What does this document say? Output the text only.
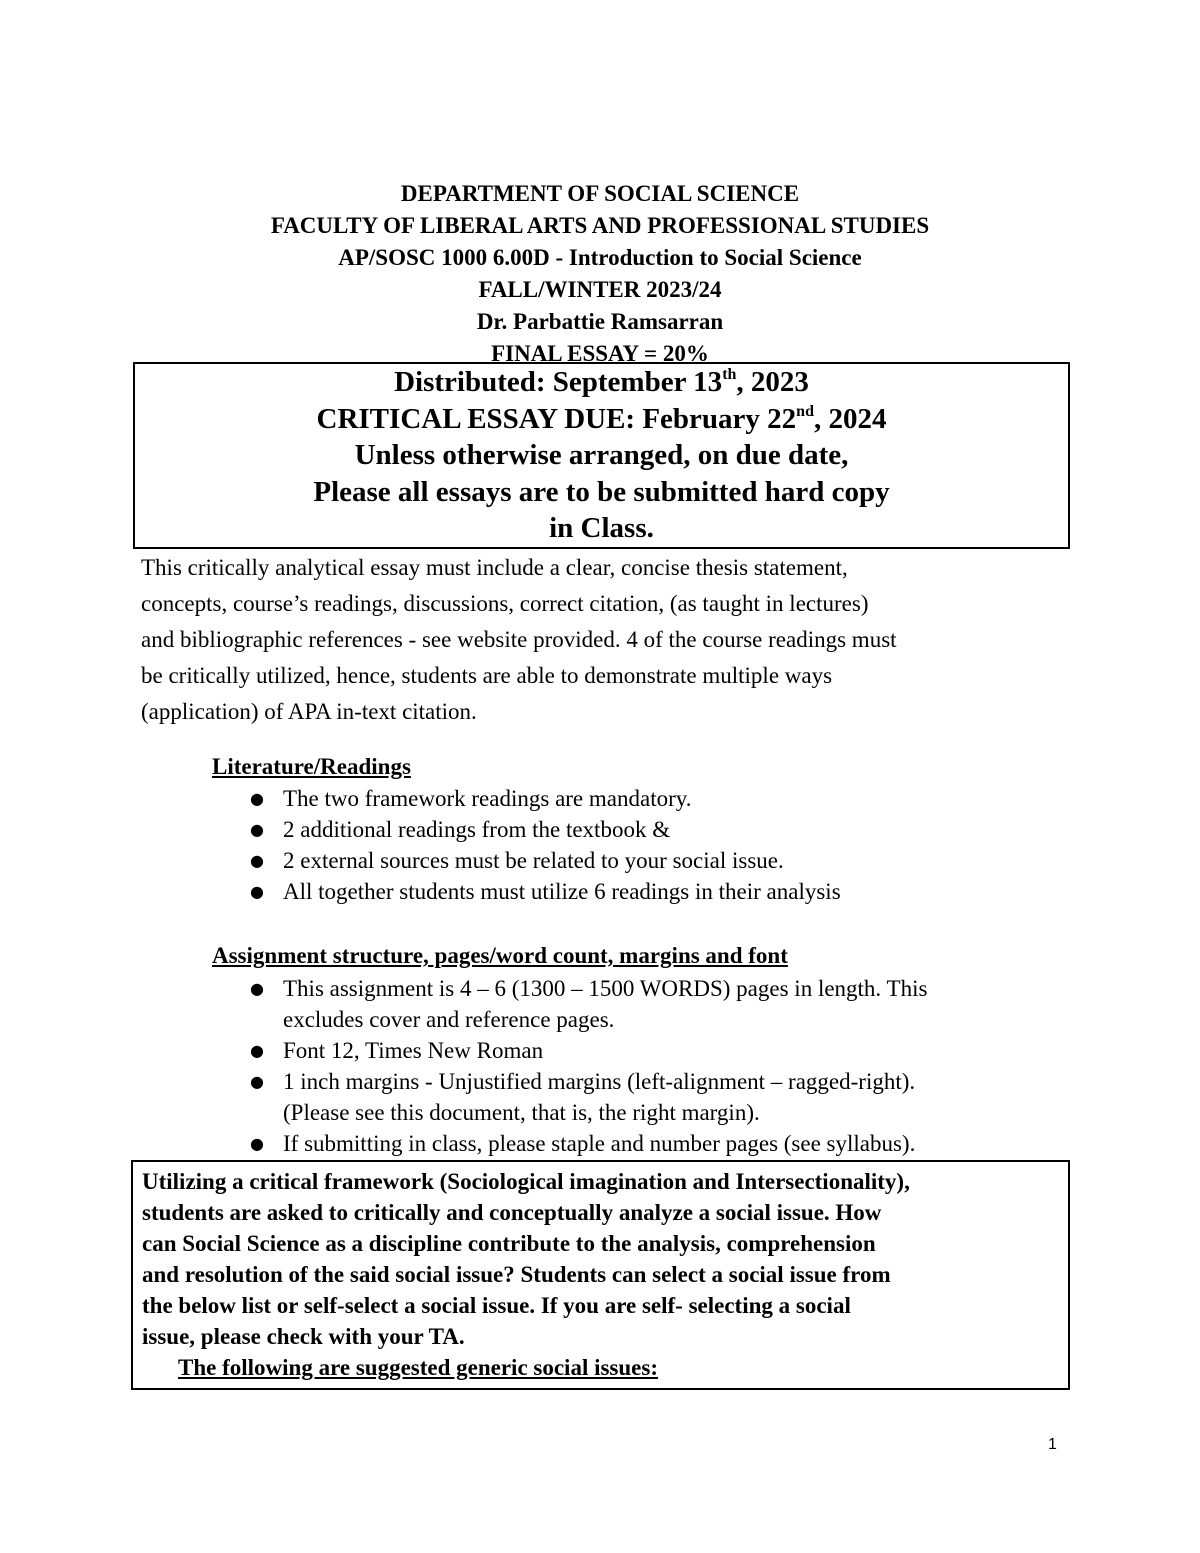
DEPARTMENT OF SOCIAL SCIENCE
FACULTY OF LIBERAL ARTS AND PROFESSIONAL STUDIES
AP/SOSC 1000 6.00D - Introduction to Social Science
FALL/WINTER 2023/24
Dr. Parbattie Ramsarran
FINAL ESSAY = 20%
Distributed: September 13th, 2023
CRITICAL ESSAY DUE: February 22nd, 2024
Unless otherwise arranged, on due date,
Please all essays are to be submitted hard copy
in Class.
This critically analytical essay must include a clear, concise thesis statement,
concepts, course’s readings, discussions, correct citation, (as taught in lectures)
and bibliographic references - see website provided. 4 of the course readings must
be critically utilized, hence, students are able to demonstrate multiple ways
(application) of APA in-text citation.
Literature/Readings
● The two framework readings are mandatory.
● 2 additional readings from the textbook &
● 2 external sources must be related to your social issue.
● All together students must utilize 6 readings in their analysis
Assignment structure, pages/word count, margins and font
● This assignment is 4 – 6 (1300 – 1500 WORDS) pages in length. This
excludes cover and reference pages.
● Font 12, Times New Roman
● 1 inch margins - Unjustified margins (left-alignment – ragged-right).
(Please see this document, that is, the right margin).
● If submitting in class, please staple and number pages (see syllabus).
Utilizing a critical framework (Sociological imagination and Intersectionality),
students are asked to critically and conceptually analyze a social issue. How
can Social Science as a discipline contribute to the analysis, comprehension
and resolution of the said social issue? Students can select a social issue from
the below list or self-select a social issue. If you are self- selecting a social
issue, please check with your TA.
The following are suggested generic social issues:
1
